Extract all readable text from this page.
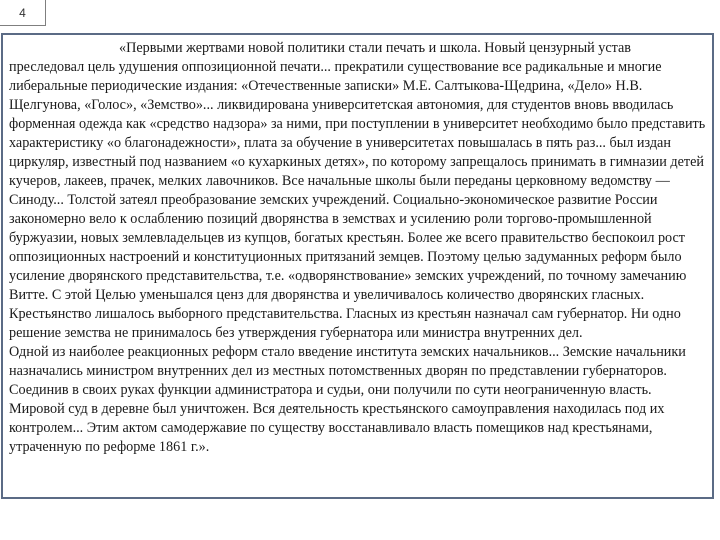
4

«Первыми жертвами новой политики стали печать и школа. Новый цензурный устав преследовал цель удушения оппозиционной печати... прекратили существование все радикальные и многие либеральные периодические издания: «Отечественные записки» М.Е. Салтыкова-Щедрина, «Дело» Н.В. Щелгунова, «Голос», «Земство»... ликвидирована университетская автономия, для студентов вновь вводилась форменная одежда как «средство надзора» за ними, при поступлении в университет необходимо было представить характеристику «о благонадежности», плата за обучение в университетах повышалась в пять раз... был издан циркуляр, известный под названием «о кухаркиных детях», по которому запрещалось принимать в гимназии детей кучеров, лакеев, прачек, мелких лавочников. Все начальные школы были переданы церковному ведомству — Синоду... Толстой затеял преобразование земских учреждений. Социально-экономическое развитие России закономерно вело к ослаблению позиций дворянства в земствах и усилению роли торгово-промышленной буржуазии, новых землевладельцев из купцов, богатых крестьян. Более же всего правительство беспокоил рост оппозиционных настроений и конституционных притязаний земцев. Поэтому целью задуманных реформ было усиление дворянского представительства, т.е. «одворянствование» земских учреждений, по точному замечанию Витте. С этой Целью уменьшался ценз для дворянства и увеличивалось количество дворянских гласных. Крестьянство лишалось выборного представительства. Гласных из крестьян назначал сам губернатор. Ни одно решение земства не принималось без утверждения губернатора или министра внутренних дел.

Одной из наиболее реакционных реформ стало введение института земских начальников... Земские начальники назначались министром внутренних дел из местных потомственных дворян по представлении губернаторов. Соединив в своих руках функции администратора и судьи, они получили по сути неограниченную власть. Мировой суд в деревне был уничтожен. Вся деятельность крестьянского самоуправления находилась под их контролем... Этим актом самодержавие по существу восстанавливало власть помещиков над крестьянами, утраченную по реформе 1861 г.».
